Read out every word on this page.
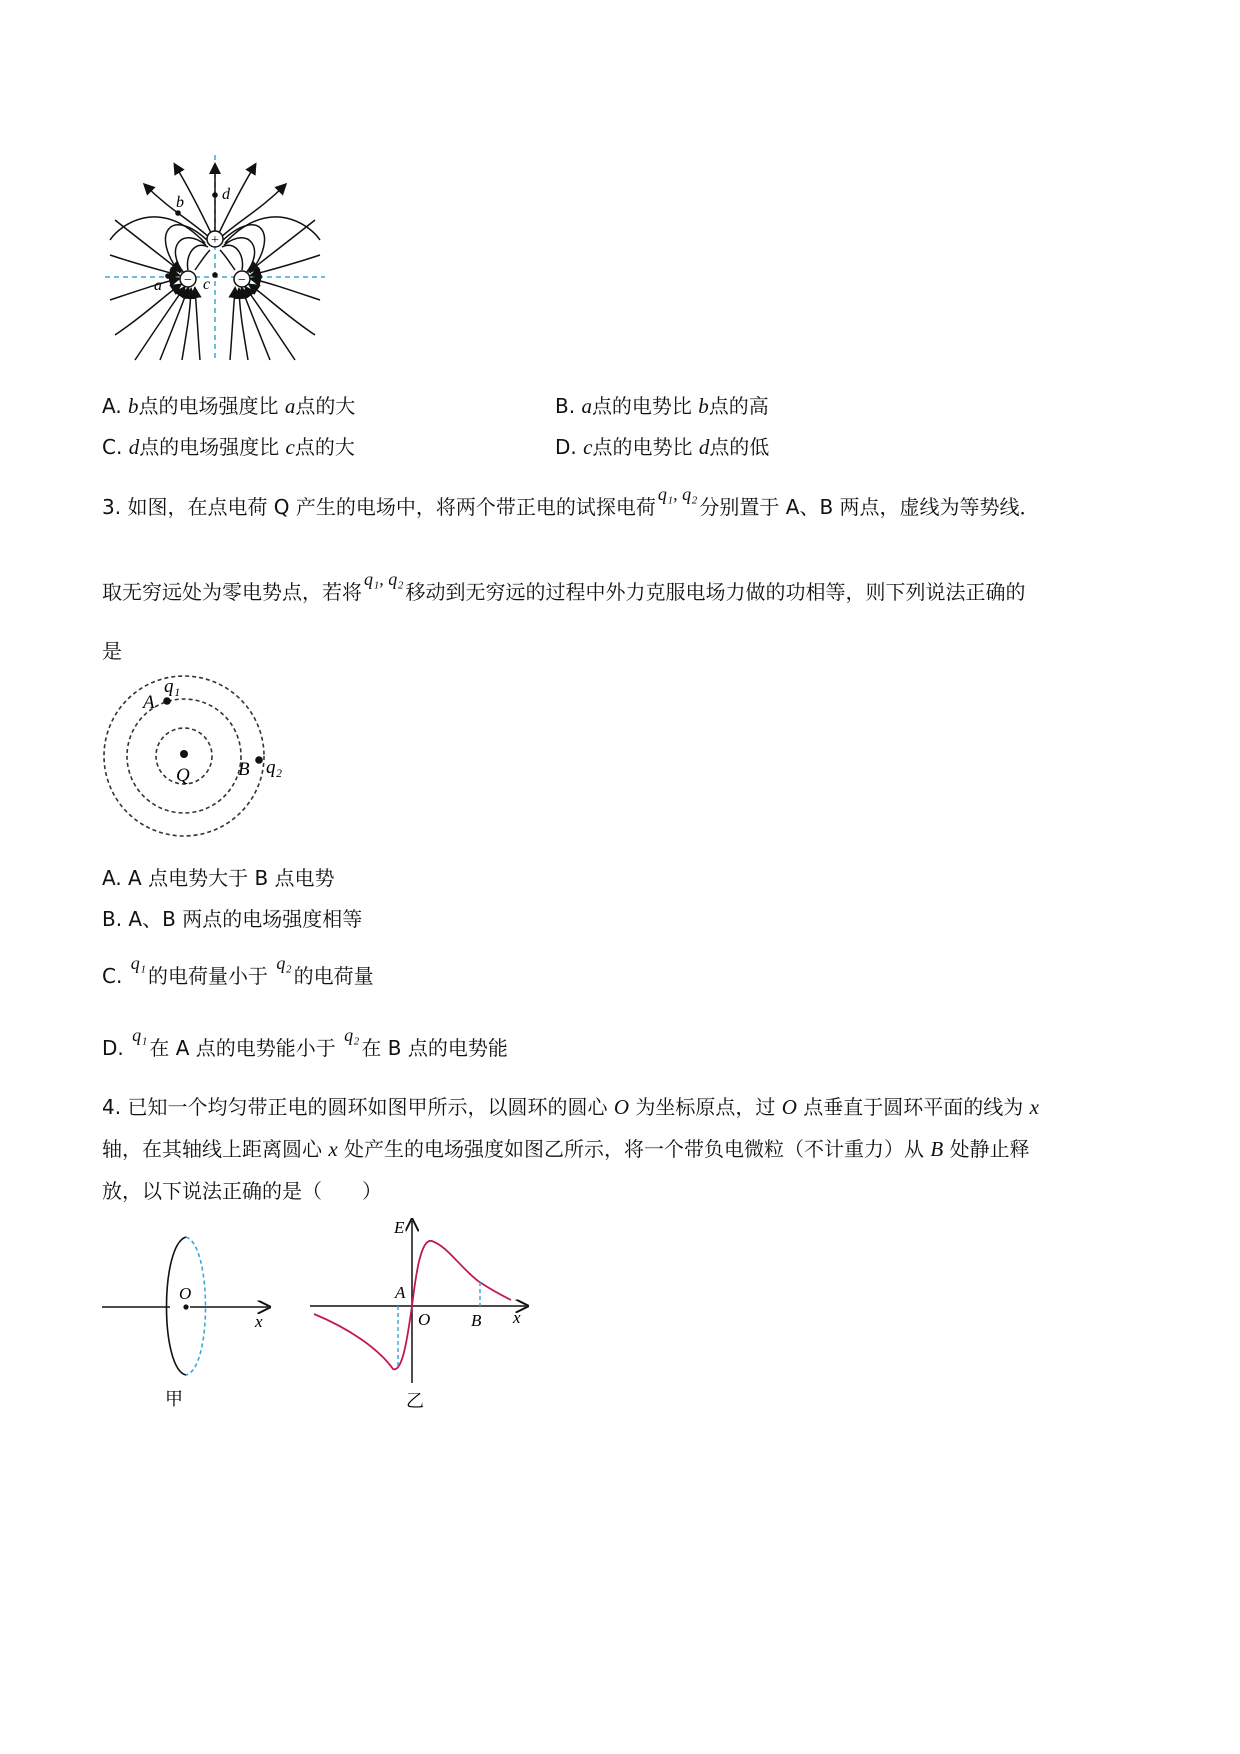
+
−	−
a
b
c
d
A. b点的电场强度比 a点的大	B. a点的电势比 b点的高
C. d点的电场强度比 c点的大	D. c点的电势比 d点的低
3. 如图，在点电荷 Q 产生的电场中，将两个带正电的试探电荷q₁, q₂分别置于 A、B 两点，虚线为等势线．
取无穷远处为零电势点，若将q₁, q₂移动到无穷远的过程中外力克服电场力做的功相等，则下列说法正确的
是
Q
A
q₁
B q₂
A. A 点电势大于 B 点电势
B. A、B 两点的电场强度相等
C. q₁的电荷量小于 q₂的电荷量
D. q₁在 A 点的电势能小于 q₂在 B 点的电势能
4. 已知一个均匀带正电的圆环如图甲所示，以圆环的圆心 O 为坐标原点，过 O 点垂直于圆环平面的线为 x
轴，在其轴线上距离圆心 x 处产生的电场强度如图乙所示，将一个带负电微粒（不计重力）从 B 处静止释
放，以下说法正确的是（　　）
O
x
甲
E
A
O B x
乙
